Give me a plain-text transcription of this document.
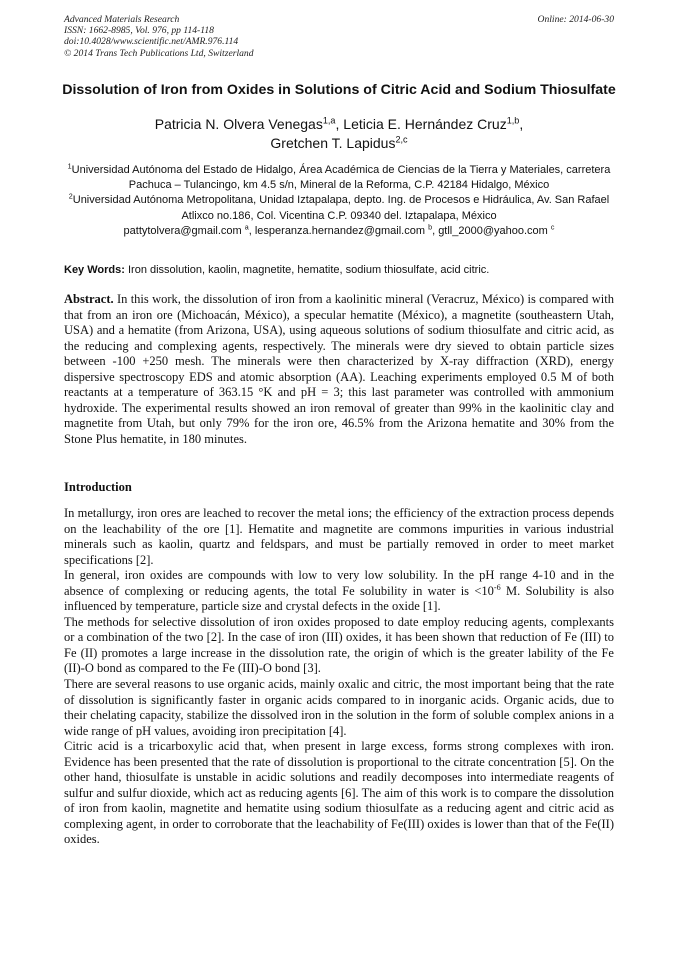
Advanced Materials Research
ISSN: 1662-8985, Vol. 976, pp 114-118
doi:10.4028/www.scientific.net/AMR.976.114
© 2014 Trans Tech Publications Ltd, Switzerland
Online: 2014-06-30
Dissolution of Iron from Oxides in Solutions of Citric Acid and Sodium Thiosulfate
Patricia N. Olvera Venegas$^{1,a}$, Leticia E. Hernández Cruz$^{1,b}$,
Gretchen T. Lapidus$^{2,c}$
$^1$Universidad Autónoma del Estado de Hidalgo, Área Académica de Ciencias de la Tierra y Materiales, carretera Pachuca – Tulancingo, km 4.5 s/n, Mineral de la Reforma, C.P. 42184 Hidalgo, México
$^2$Universidad Autónoma Metropolitana, Unidad Iztapalapa, depto. Ing. de Procesos e Hidráulica, Av. San Rafael Atlixco no.186, Col. Vicentina C.P. 09340 del. Iztapalapa, México
pattytolvera@gmail.com $^a$, lesperanza.hernandez@gmail.com $^b$, gtll_2000@yahoo.com $^c$
Key Words: Iron dissolution, kaolin, magnetite, hematite, sodium thiosulfate, acid citric.
Abstract. In this work, the dissolution of iron from a kaolinitic mineral (Veracruz, México) is compared with that from an iron ore (Michoacán, México), a specular hematite (México), a magnetite (southeastern Utah, USA) and a hematite (from Arizona, USA), using aqueous solutions of sodium thiosulfate and citric acid, as the reducing and complexing agents, respectively. The minerals were dry sieved to obtain particle sizes between -100 +250 mesh. The minerals were then characterized by X-ray diffraction (XRD), energy dispersive spectroscopy EDS and atomic absorption (AA). Leaching experiments employed 0.5 M of both reactants at a temperature of 363.15 °K and pH = 3; this last parameter was controlled with ammonium hydroxide. The experimental results showed an iron removal of greater than 99% in the kaolinitic clay and magnetite from Utah, but only 79% for the iron ore, 46.5% from the Arizona hematite and 30% from the Stone Plus hematite, in 180 minutes.
Introduction

In metallurgy, iron ores are leached to recover the metal ions; the efficiency of the extraction process depends on the leachability of the ore [1]. Hematite and magnetite are commons impurities in various industrial minerals such as kaolin, quartz and feldspars, and must be partially removed in order to meet market specifications [2].

In general, iron oxides are compounds with low to very low solubility. In the pH range 4-10 and in the absence of complexing or reducing agents, the total Fe solubility in water is $<10^{-6}$ M. Solubility is also influenced by temperature, particle size and crystal defects in the oxide [1].

The methods for selective dissolution of iron oxides proposed to date employ reducing agents, complexants or a combination of the two [2]. In the case of iron (III) oxides, it has been shown that reduction of Fe (III) to Fe (II) promotes a large increase in the dissolution rate, the origin of which is the greater lability of the Fe (II)-O bond as compared to the Fe (III)-O bond [3].

There are several reasons to use organic acids, mainly oxalic and citric, the most important being that the rate of dissolution is significantly faster in organic acids compared to in inorganic acids. Organic acids, due to their chelating capacity, stabilize the dissolved iron in the solution in the form of soluble complex anions in a wide range of pH values, avoiding iron precipitation [4].

Citric acid is a tricarboxylic acid that, when present in large excess, forms strong complexes with iron. Evidence has been presented that the rate of dissolution is proportional to the citrate concentration [5]. On the other hand, thiosulfate is unstable in acidic solutions and readily decomposes into intermediate reagents of sulfur and sulfur dioxide, which act as reducing agents [6]. The aim of this work is to compare the dissolution of iron from kaolin, magnetite and hematite using sodium thiosulfate as a reducing agent and citric acid as complexing agent, in order to corroborate that the leachability of Fe(III) oxides is lower than that of the Fe(II) oxides.
